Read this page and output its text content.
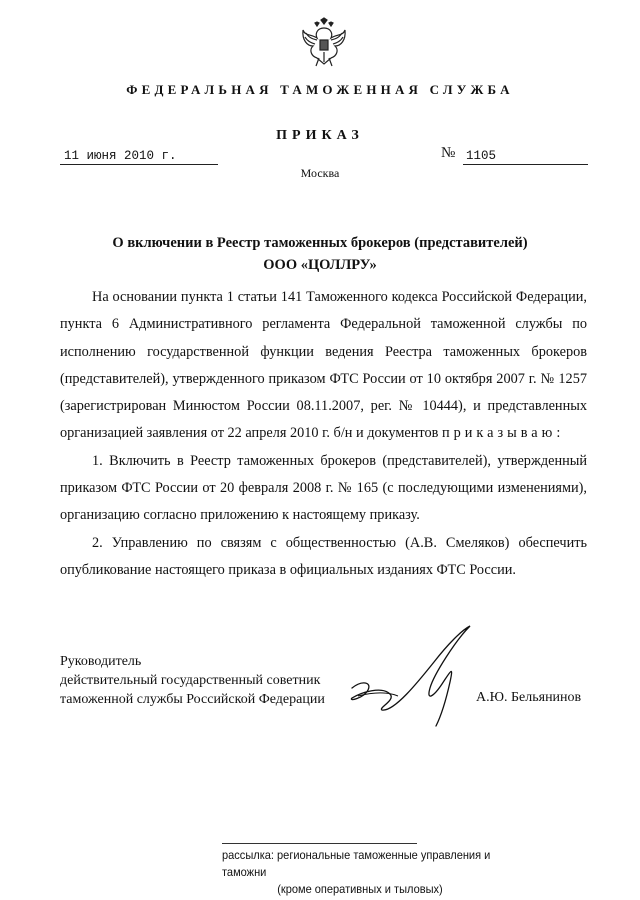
ФЕДЕРАЛЬНАЯ ТАМОЖЕННАЯ СЛУЖБА
ПРИКАЗ
11 июня 2010 г.	№ 1105
Москва
О включении в Реестр таможенных брокеров (представителей)
ООО «ЦОЛЛРУ»

На основании пункта 1 статьи 141 Таможенного кодекса Российской Федерации, пункта 6 Административного регламента Федеральной таможенной службы по исполнению государственной функции ведения Реестра таможенных брокеров (представителей), утвержденного приказом ФТС России от 10 октября 2007 г. № 1257 (зарегистрирован Минюстом России 08.11.2007, рег. № 10444), и представленных организацией заявления от 22 апреля 2010 г. б/н и документов приказываю:

1. Включить в Реестр таможенных брокеров (представителей), утвержденный приказом ФТС России от 20 февраля 2008 г. № 165 (с последующими изменениями), организацию согласно приложению к настоящему приказу.

2. Управлению по связям с общественностью (А.В. Смеляков) обеспечить опубликование настоящего приказа в официальных изданиях ФТС России.

Руководитель
действительный государственный советник
таможенной службы Российской Федерации	А.Ю. Бельянинов
рассылка: региональные таможенные управления и таможни
(кроме оперативных и тыловых)
